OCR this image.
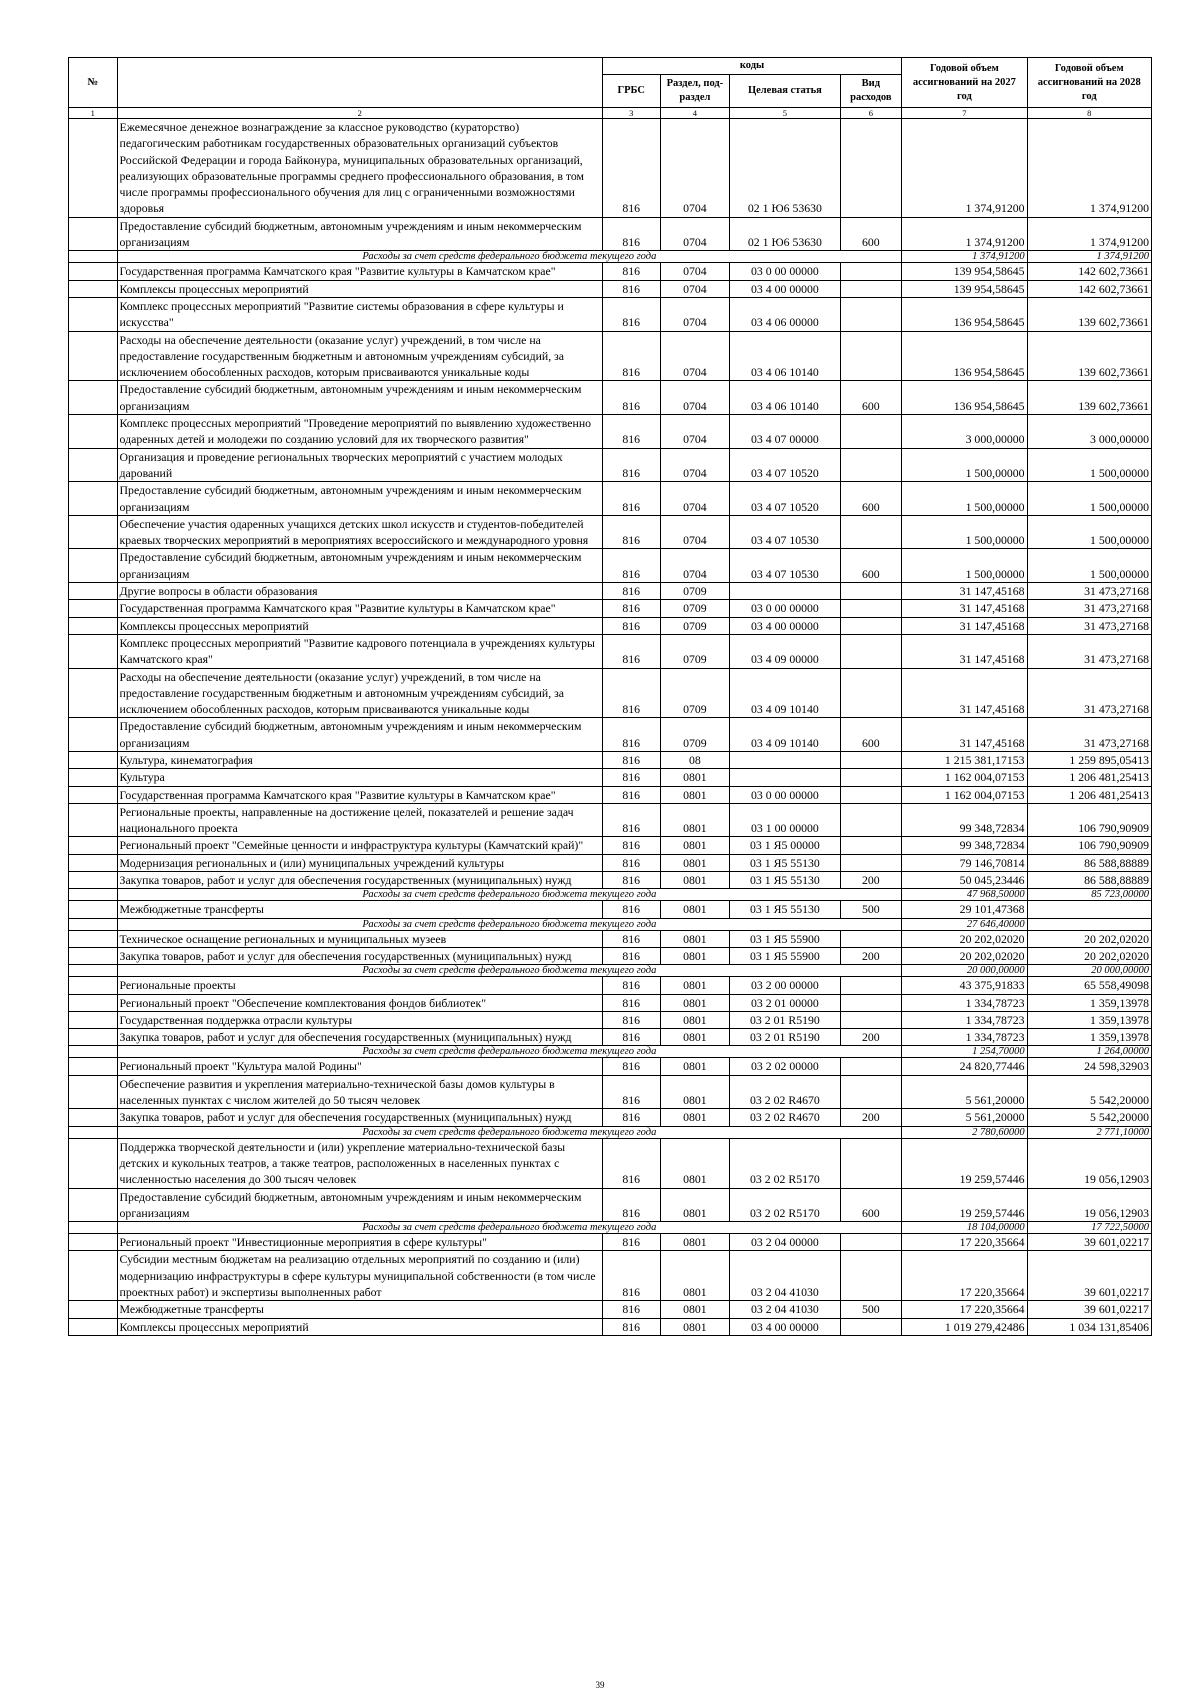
№		коды				Годовой объем ассигнований на 2027 год	Годовой объем ассигнований на 2028 год
		ГРБС	Раздел, под-раздел	Целевая статья	Вид расходов		
1	2	3	4	5	6	7	8
	Ежемесячное денежное вознаграждение за классное руководство (кураторство) педагогическим работникам государственных образовательных организаций субъектов Российской Федерации и города Байконура, муниципальных образовательных организаций, реализующих образовательные программы среднего профессионального образования, в том числе программы профессионального обучения для лиц с ограниченными возможностями здоровья	816	0704	02 1 Ю6 53630		1 374,91200	1 374,91200
	Предоставление субсидий бюджетным, автономным учреждениям и иным некоммерческим организациям	816	0704	02 1 Ю6 53630	600	1 374,91200	1 374,91200
	Расходы за счет средств федерального бюджета текущего года					1 374,91200	1 374,91200
	Государственная программа Камчатского края "Развитие культуры в Камчатском крае"	816	0704	03 0 00 00000		139 954,58645	142 602,73661
	Комплексы процессных мероприятий	816	0704	03 4 00 00000		139 954,58645	142 602,73661
	Комплекс процессных мероприятий "Развитие системы образования в сфере культуры и искусства"	816	0704	03 4 06 00000		136 954,58645	139 602,73661
	Расходы на обеспечение деятельности (оказание услуг) учреждений, в том числе на предоставление государственным бюджетным и автономным учреждениям субсидий, за исключением обособленных расходов, которым присваиваются уникальные коды	816	0704	03 4 06 10140		136 954,58645	139 602,73661
	Предоставление субсидий бюджетным, автономным учреждениям и иным некоммерческим организациям	816	0704	03 4 06 10140	600	136 954,58645	139 602,73661
	Комплекс процессных мероприятий "Проведение мероприятий по выявлению художественно одаренных детей и молодежи по созданию условий для их творческого развития"	816	0704	03 4 07 00000		3 000,00000	3 000,00000
	Организация и проведение региональных творческих мероприятий с участием молодых дарований	816	0704	03 4 07 10520		1 500,00000	1 500,00000
	Предоставление субсидий бюджетным, автономным учреждениям и иным некоммерческим организациям	816	0704	03 4 07 10520	600	1 500,00000	1 500,00000
	Обеспечение участия одаренных учащихся детских школ искусств и студентов-победителей краевых творческих мероприятий в мероприятиях всероссийского и международного уровня	816	0704	03 4 07 10530		1 500,00000	1 500,00000
	Предоставление субсидий бюджетным, автономным учреждениям и иным некоммерческим организациям	816	0704	03 4 07 10530	600	1 500,00000	1 500,00000
	Другие вопросы в области образования	816	0709			31 147,45168	31 473,27168
	Государственная программа Камчатского края "Развитие культуры в Камчатском крае"	816	0709	03 0 00 00000		31 147,45168	31 473,27168
	Комплексы процессных мероприятий	816	0709	03 4 00 00000		31 147,45168	31 473,27168
	Комплекс процессных мероприятий "Развитие кадрового потенциала в учреждениях культуры Камчатского края"	816	0709	03 4 09 00000		31 147,45168	31 473,27168
	Расходы на обеспечение деятельности (оказание услуг) учреждений, в том числе на предоставление государственным бюджетным и автономным учреждениям субсидий, за исключением обособленных расходов, которым присваиваются уникальные коды	816	0709	03 4 09 10140		31 147,45168	31 473,27168
	Предоставление субсидий бюджетным, автономным учреждениям и иным некоммерческим организациям	816	0709	03 4 09 10140	600	31 147,45168	31 473,27168
	Культура, кинематография	816	08			1 215 381,17153	1 259 895,05413
	Культура	816	0801			1 162 004,07153	1 206 481,25413
	Государственная программа Камчатского края "Развитие культуры в Камчатском крае"	816	0801	03 0 00 00000		1 162 004,07153	1 206 481,25413
	Региональные проекты, направленные на достижение целей, показателей и решение задач национального проекта	816	0801	03 1 00 00000		99 348,72834	106 790,90909
	Региональный проект "Семейные ценности и инфраструктура культуры (Камчатский край)"	816	0801	03 1 Я5 00000		99 348,72834	106 790,90909
	Модернизация региональных и (или) муниципальных учреждений культуры	816	0801	03 1 Я5 55130		79 146,70814	86 588,88889
	Закупка товаров, работ и услуг для обеспечения государственных (муниципальных) нужд	816	0801	03 1 Я5 55130	200	50 045,23446	86 588,88889
	Расходы за счет средств федерального бюджета текущего года					47 968,50000	85 723,00000
	Межбюджетные трансферты	816	0801	03 1 Я5 55130	500	29 101,47368	
	Расходы за счет средств федерального бюджета текущего года					27 646,40000	
	Техническое оснащение региональных и муниципальных музеев	816	0801	03 1 Я5 55900		20 202,02020	20 202,02020
	Закупка товаров, работ и услуг для обеспечения государственных (муниципальных) нужд	816	0801	03 1 Я5 55900	200	20 202,02020	20 202,02020
	Расходы за счет средств федерального бюджета текущего года					20 000,00000	20 000,00000
	Региональные проекты	816	0801	03 2 00 00000		43 375,91833	65 558,49098
	Региональный проект "Обеспечение комплектования фондов библиотек"	816	0801	03 2 01 00000		1 334,78723	1 359,13978
	Государственная поддержка отрасли культуры	816	0801	03 2 01 R5190		1 334,78723	1 359,13978
	Закупка товаров, работ и услуг для обеспечения государственных (муниципальных) нужд	816	0801	03 2 01 R5190	200	1 334,78723	1 359,13978
	Расходы за счет средств федерального бюджета текущего года					1 254,70000	1 264,00000
	Региональный проект "Культура малой Родины"	816	0801	03 2 02 00000		24 820,77446	24 598,32903
	Обеспечение развития и укрепления материально-технической базы домов культуры в населенных пунктах с числом жителей до 50 тысяч человек	816	0801	03 2 02 R4670		5 561,20000	5 542,20000
	Закупка товаров, работ и услуг для обеспечения государственных (муниципальных) нужд	816	0801	03 2 02 R4670	200	5 561,20000	5 542,20000
	Расходы за счет средств федерального бюджета текущего года					2 780,60000	2 771,10000
	Поддержка творческой деятельности и (или) укрепление материально-технической базы детских и кукольных театров, а также театров, расположенных в населенных пунктах с численностью населения до 300 тысяч человек	816	0801	03 2 02 R5170		19 259,57446	19 056,12903
	Предоставление субсидий бюджетным, автономным учреждениям и иным некоммерческим организациям	816	0801	03 2 02 R5170	600	19 259,57446	19 056,12903
	Расходы за счет средств федерального бюджета текущего года					18 104,00000	17 722,50000
	Региональный проект "Инвестиционные мероприятия в сфере культуры"	816	0801	03 2 04 00000		17 220,35664	39 601,02217
	Субсидии местным бюджетам на реализацию отдельных мероприятий по созданию и (или) модернизацию инфраструктуры в сфере культуры муниципальной собственности (в том числе проектных работ) и экспертизы выполненных работ	816	0801	03 2 04 41030		17 220,35664	39 601,02217
	Межбюджетные трансферты	816	0801	03 2 04 41030	500	17 220,35664	39 601,02217
	Комплексы процессных мероприятий	816	0801	03 4 00 00000		1 019 279,42486	1 034 131,85406
39
